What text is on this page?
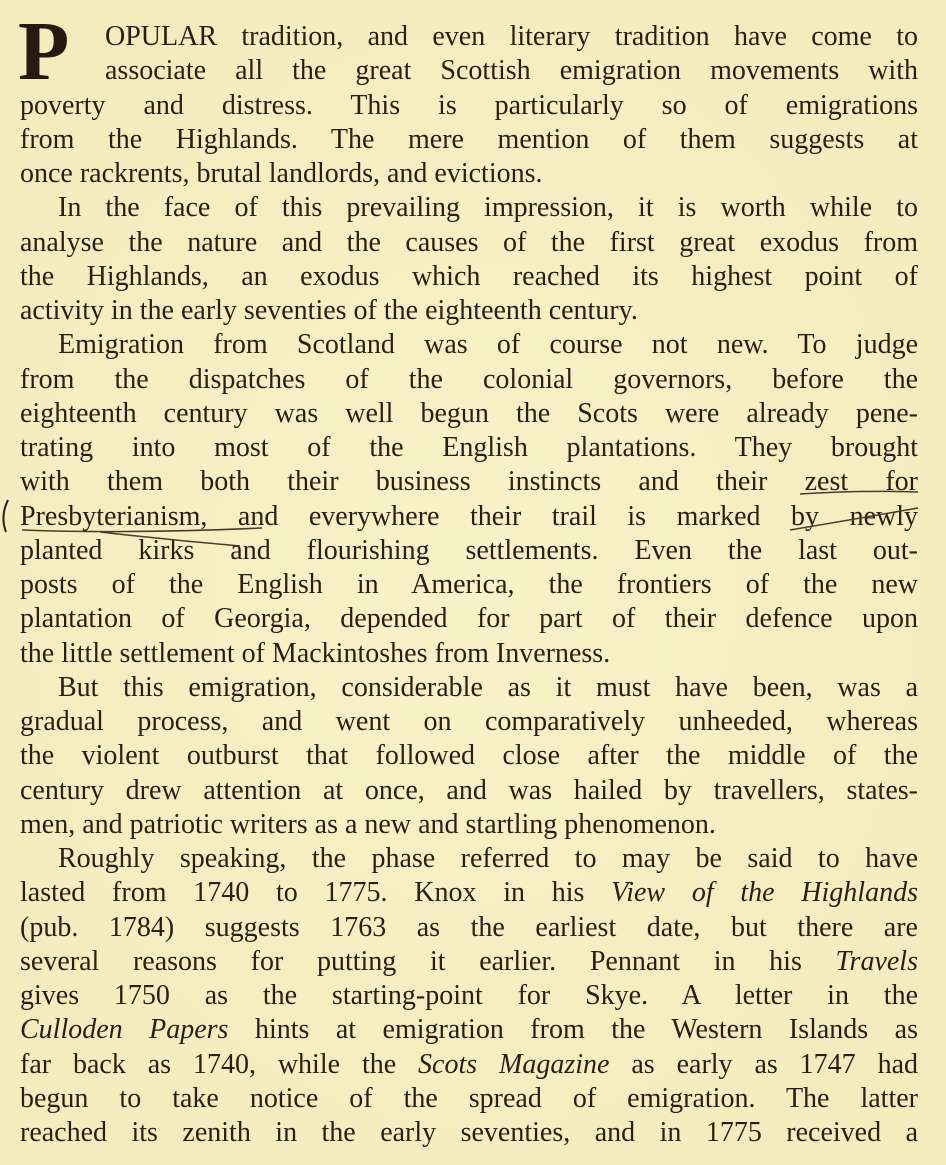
P OPULAR tradition, and even literary tradition have come to
associate all the great Scottish emigration movements with
poverty and distress. This is particularly so of emigrations
from the Highlands. The mere mention of them suggests at
once rackrents, brutal landlords, and evictions.
In the face of this prevailing impression, it is worth while to
analyse the nature and the causes of the first great exodus from
the Highlands, an exodus which reached its highest point of
activity in the early seventies of the eighteenth century.
Emigration from Scotland was of course not new. To judge
from the dispatches of the colonial governors, before the
eighteenth century was well begun the Scots were already pene-
trating into most of the English plantations. They brought
with them both their business instincts and their zest for
Presbyterianism, and everywhere their trail is marked by newly
planted kirks and flourishing settlements. Even the last out-
posts of the English in America, the frontiers of the new
plantation of Georgia, depended for part of their defence upon
the little settlement of Mackintoshes from Inverness.
But this emigration, considerable as it must have been, was a
gradual process, and went on comparatively unheeded, whereas
the violent outburst that followed close after the middle of the
century drew attention at once, and was hailed by travellers, states-
men, and patriotic writers as a new and startling phenomenon.
Roughly speaking, the phase referred to may be said to have
lasted from 1740 to 1775. Knox in his View of the Highlands
(pub. 1784) suggests 1763 as the earliest date, but there are
several reasons for putting it earlier. Pennant in his Travels
gives 1750 as the starting-point for Skye. A letter in the
Culloden Papers hints at emigration from the Western Islands as
far back as 1740, while the Scots Magazine as early as 1747 had
begun to take notice of the spread of emigration. The latter
reached its zenith in the early seventies, and in 1775 received a
